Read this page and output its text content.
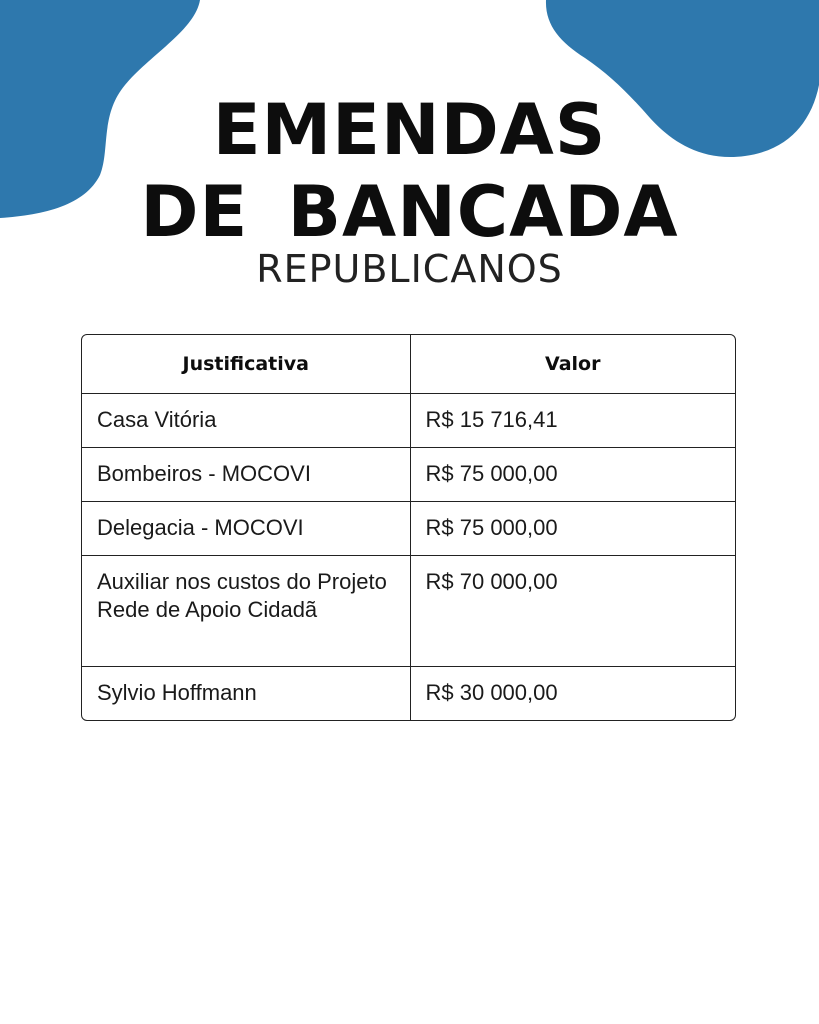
EMENDAS
DE BANCADA
REPUBLICANOS
Justificativa	Valor
Casa Vitória	R$ 15 716,41
Bombeiros - MOCOVI	R$ 75 000,00
Delegacia - MOCOVI	R$ 75 000,00
Auxiliar nos custos do Projeto Rede de Apoio Cidadã	R$ 70 000,00
Sylvio Hoffmann	R$ 30 000,00
